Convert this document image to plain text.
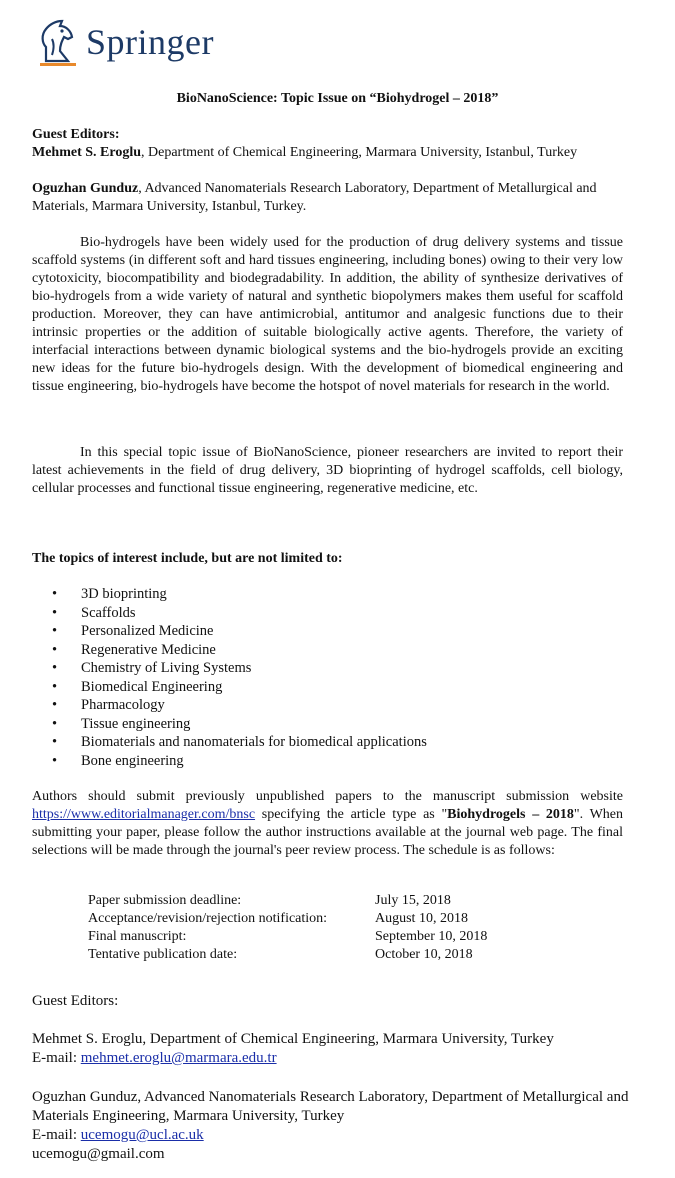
Springer
BioNanoScience: Topic Issue on “Biohydrogel – 2018”
Guest Editors:
Mehmet S. Eroglu, Department of Chemical Engineering, Marmara University, Istanbul, Turkey
Oguzhan Gunduz, Advanced Nanomaterials Research Laboratory, Department of Metallurgical and Materials, Marmara University, Istanbul, Turkey.
Bio-hydrogels have been widely used for the production of drug delivery systems and tissue scaffold systems (in different soft and hard tissues engineering, including bones) owing to their very low cytotoxicity, biocompatibility and biodegradability. In addition, the ability of synthesize derivatives of bio-hydrogels from a wide variety of natural and synthetic biopolymers makes them useful for scaffold production. Moreover, they can have antimicrobial, antitumor and analgesic functions due to their intrinsic properties or the addition of suitable biologically active agents. Therefore, the variety of interfacial interactions between dynamic biological systems and the bio-hydrogels provide an exciting new ideas for the future bio-hydrogels design. With the development of biomedical engineering and tissue engineering, bio-hydrogels have become the hotspot of novel materials for research in the world.
In this special topic issue of BioNanoScience, pioneer researchers are invited to report their latest achievements in the field of drug delivery, 3D bioprinting of hydrogel scaffolds, cell biology, cellular processes and functional tissue engineering, regenerative medicine, etc.
The topics of interest include, but are not limited to:
• 3D bioprinting
• Scaffolds
• Personalized Medicine
• Regenerative Medicine
• Chemistry of Living Systems
• Biomedical Engineering
• Pharmacology
• Tissue engineering
• Biomaterials and nanomaterials for biomedical applications
• Bone engineering
Authors should submit previously unpublished papers to the manuscript submission website https://www.editorialmanager.com/bnsc specifying the article type as "Biohydrogels – 2018". When submitting your paper, please follow the author instructions available at the journal web page. The final selections will be made through the journal's peer review process. The schedule is as follows:
Paper submission deadline:	July 15, 2018
Acceptance/revision/rejection notification:	August 10, 2018
Final manuscript:	September 10, 2018
Tentative publication date:	October 10, 2018
Guest Editors:
Mehmet S. Eroglu, Department of Chemical Engineering, Marmara University, Turkey
E-mail: mehmet.eroglu@marmara.edu.tr
Oguzhan Gunduz, Advanced Nanomaterials Research Laboratory, Department of Metallurgical and Materials Engineering, Marmara University, Turkey
E-mail: ucemogu@ucl.ac.uk
ucemogu@gmail.com
